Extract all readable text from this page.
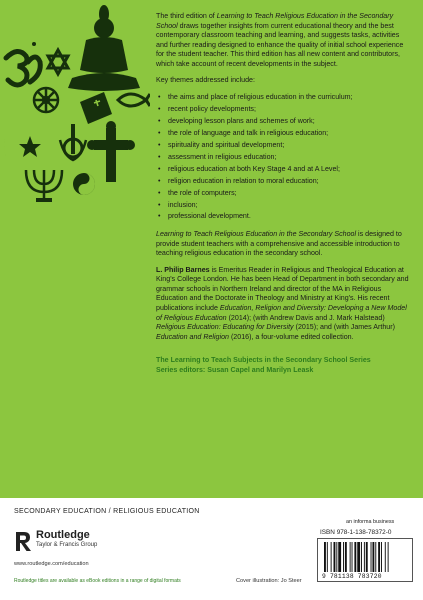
The third edition of Learning to Teach Religious Education in the Secondary School draws together insights from current educational theory and the best contemporary classroom teaching and learning, and suggests tasks, activities and further reading designed to enhance the quality of initial school experience for the student teacher. This third edition has all new content and contributors, which take account of recent developments in the subject.

Key themes addressed include:

• the aims and place of religious education in the curriculum;
• recent policy developments;
• developing lesson plans and schemes of work;
• the role of language and talk in religious education;
• spirituality and spiritual development;
• assessment in religious education;
• religious education at both Key Stage 4 and at A Level;
• religion education in relation to moral education;
• the role of computers;
• inclusion;
• professional development.

Learning to Teach Religious Education in the Secondary School is designed to provide student teachers with a comprehensive and accessible introduction to teaching religious education in the secondary school.

L. Philip Barnes is Emeritus Reader in Religious and Theological Education at King's College London. He has been Head of Department in both secondary and grammar schools in Northern Ireland and director of the MA in Religious Education and the Doctorate in Theology and Ministry at King's. His recent publications include Education, Religion and Diversity: Developing a New Model of Religious Education (2014); (with Andrew Davis and J. Mark Halstead) Religious Education: Educating for Diversity (2015); and (with James Arthur) Education and Religion (2016), a four-volume edited collection.

The Learning to Teach Subjects in the Secondary School Series
Series editors: Susan Capel and Marilyn Leask
SECONDARY EDUCATION / RELIGIOUS EDUCATION
Routledge
Taylor & Francis Group
www.routledge.com/education
Routledge titles are available as eBook editions in a range of digital formats	Cover illustration: Jo Steer
an informa business
ISBN 978-1-138-78372-0
9 781138 783720
